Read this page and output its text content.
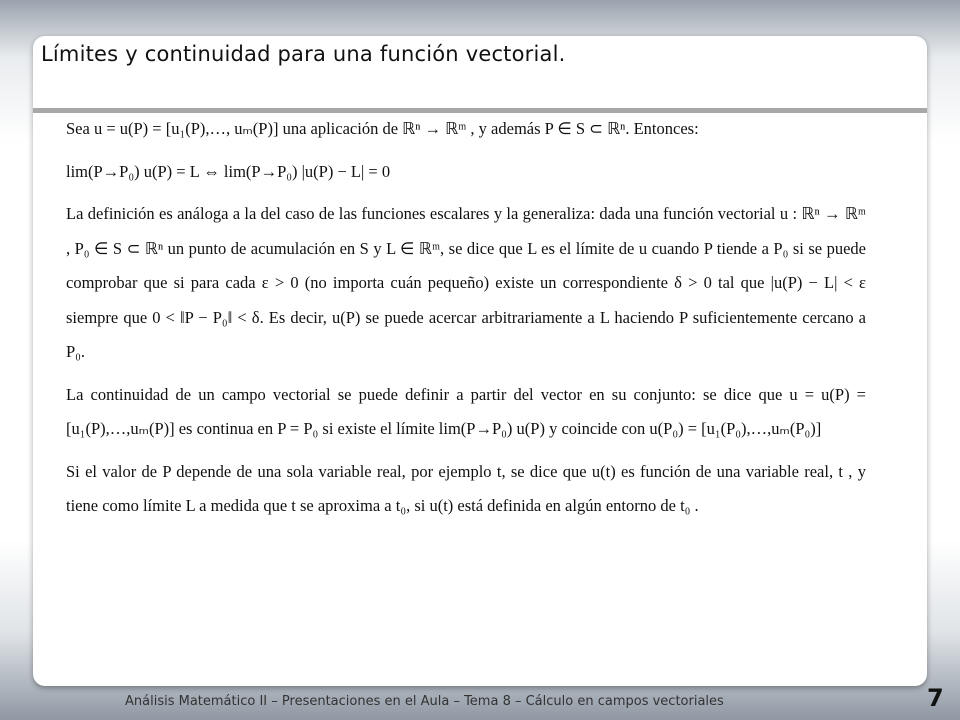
Límites y continuidad para una función vectorial.

Sea u = u(P) = [u₁(P),…, uₘ(P)] una aplicación de ℝⁿ → ℝᵐ , y además P ∈ S ⊂ ℝⁿ. Entonces:

lim(P→P₀) u(P) = L ⇔ lim(P→P₀) |u(P) − L| = 0

La definición es análoga a la del caso de las funciones escalares y la generaliza: dada una función vectorial u : ℝⁿ → ℝᵐ , P₀ ∈ S ⊂ ℝⁿ un punto de acumulación en S y L ∈ ℝᵐ, se dice que L es el límite de u cuando P tiende a P₀ si se puede comprobar que si para cada ε > 0 (no importa cuán pequeño) existe un correspondiente δ > 0 tal que |u(P) − L| < ε siempre que 0 < ‖P − P₀‖ < δ. Es decir, u(P) se puede acercar arbitrariamente a L haciendo P suficientemente cercano a P₀.

La continuidad de un campo vectorial se puede definir a partir del vector en su conjunto: se dice que u = u(P) = [u₁(P),…,uₘ(P)] es continua en P = P₀ si existe el límite lim(P→P₀) u(P) y coincide con u(P₀) = [u₁(P₀),…,uₘ(P₀)]

Si el valor de P depende de una sola variable real, por ejemplo t, se dice que u(t) es función de una variable real, t , y tiene como límite L a medida que t se aproxima a t₀, si u(t) está definida en algún entorno de t₀ .

Análisis Matemático II – Presentaciones en el Aula – Tema 8 – Cálculo en campos vectoriales	7
